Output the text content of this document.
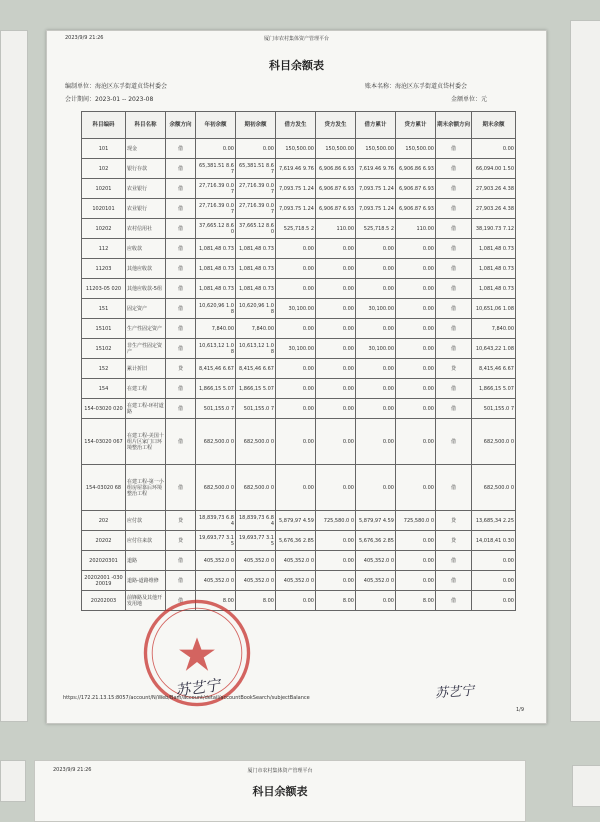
2023/9/9 21:26	厦门市农村集体资产管理平台
科目余额表
编制单位：海沧区东孚街道贞岱村委会	账本名称：海沧区东孚街道贞岱村委会
会计期间：2023-01 -- 2023-08	金额单位：元
科目编码	科目名称	余额方向	年初余额	期初余额	借方发生	贷方发生	借方累计	贷方累计	期末余额方向	期末余额
101	现金	借	0.00	0.00	150,500.00	150,500.00	150,500.00	150,500.00	借	0.00
102	银行存款	借	65,381.51 8.67	65,381.51 8.67	7,619.46 9.76	6,906.86 6.93	7,619.46 9.76	6,906.86 6.93	借	66,094.00 1.50
10201	农业银行	借	27,716.39 0.07	27,716.39 0.07	7,093.75 1.24	6,906.87 6.93	7,093.75 1.24	6,906.87 6.93	借	27,903.26 4.38
1020101	农业银行	借	27,716.39 0.07	27,716.39 0.07	7,093.75 1.24	6,906.87 6.93	7,093.75 1.24	6,906.87 6.93	借	27,903.26 4.38
10202	农村信用社	借	37,665.12 8.60	37,665.12 8.60	525,718.5 2	110.00	525,718.5 2	110.00	借	38,190.73 7.12
112	应收款	借	1,081,48 0.73	1,081,48 0.73	0.00	0.00	0.00	0.00	借	1,081,48 0.73
11203	其他应收款	借	1,081,48 0.73	1,081,48 0.73	0.00	0.00	0.00	0.00	借	1,081,48 0.73
11203-05 020	其他应收款-5组	借	1,081,48 0.73	1,081,48 0.73	0.00	0.00	0.00	0.00	借	1,081,48 0.73
151	固定资产	借	10,620,96 1.08	10,620,96 1.08	30,100.00	0.00	30,100.00	0.00	借	10,651,06 1.08
15101	生产性固定资产	借	7,840.00	7,840.00	0.00	0.00	0.00	0.00	借	7,840.00
15102	非生产性固定资产	借	10,613,12 1.08	10,613,12 1.08	30,100.00	0.00	30,100.00	0.00	借	10,643,22 1.08
152	累计折旧	贷	8,415,46 6.67	8,415,46 6.67	0.00	0.00	0.00	0.00	贷	8,415,46 6.67
154	在建工程	借	1,866,15 5.07	1,866,15 5.07	0.00	0.00	0.00	0.00	借	1,866,15 5.07
154-03020 020	在建工程-环村道路	借	501,155.0 7	501,155.0 7	0.00	0.00	0.00	0.00	借	501,155.0 7
154-03020 067	在建工程-美国十组片区家门口环境整治工程	借	682,500.0 0	682,500.0 0	0.00	0.00	0.00	0.00	借	682,500.0 0
154-03020 68	在建工程-第一小组房屋靠后环境整治工程	借	682,500.0 0	682,500.0 0	0.00	0.00	0.00	0.00	借	682,500.0 0
202	应付款	贷	18,839,73 6.84	18,839,73 6.84	5,879,97 4.59	725,580.0 0	5,879,97 4.59	725,580.0 0	贷	13,685,34 2.25
20202	应付往来款	贷	19,693,77 3.15	19,693,77 3.15	5,676,36 2.85	0.00	5,676,36 2.85	0.00	贷	14,018,41 0.30
202020301	道路	借	405,352.0 0	405,352.0 0	405,352.0 0	0.00	405,352.0 0	0.00	借	0.00
20202001 -03020019	道路-道路维修	借	405,352.0 0	405,352.0 0	405,352.0 0	0.00	405,352.0 0	0.00	借	0.00
20202003	前锋路及其他开发用地	借	8.00	8.00	0.00	8.00	0.00	8.00	借	0.00
苏艺宁	苏艺宁
https://172.21.13.15:8057/account/N/Web/Bam/account/detail/accountBookSearch/subjectBalance
1/9
2023/9/9 21:26	厦门市农村集体资产管理平台
科目余额表
